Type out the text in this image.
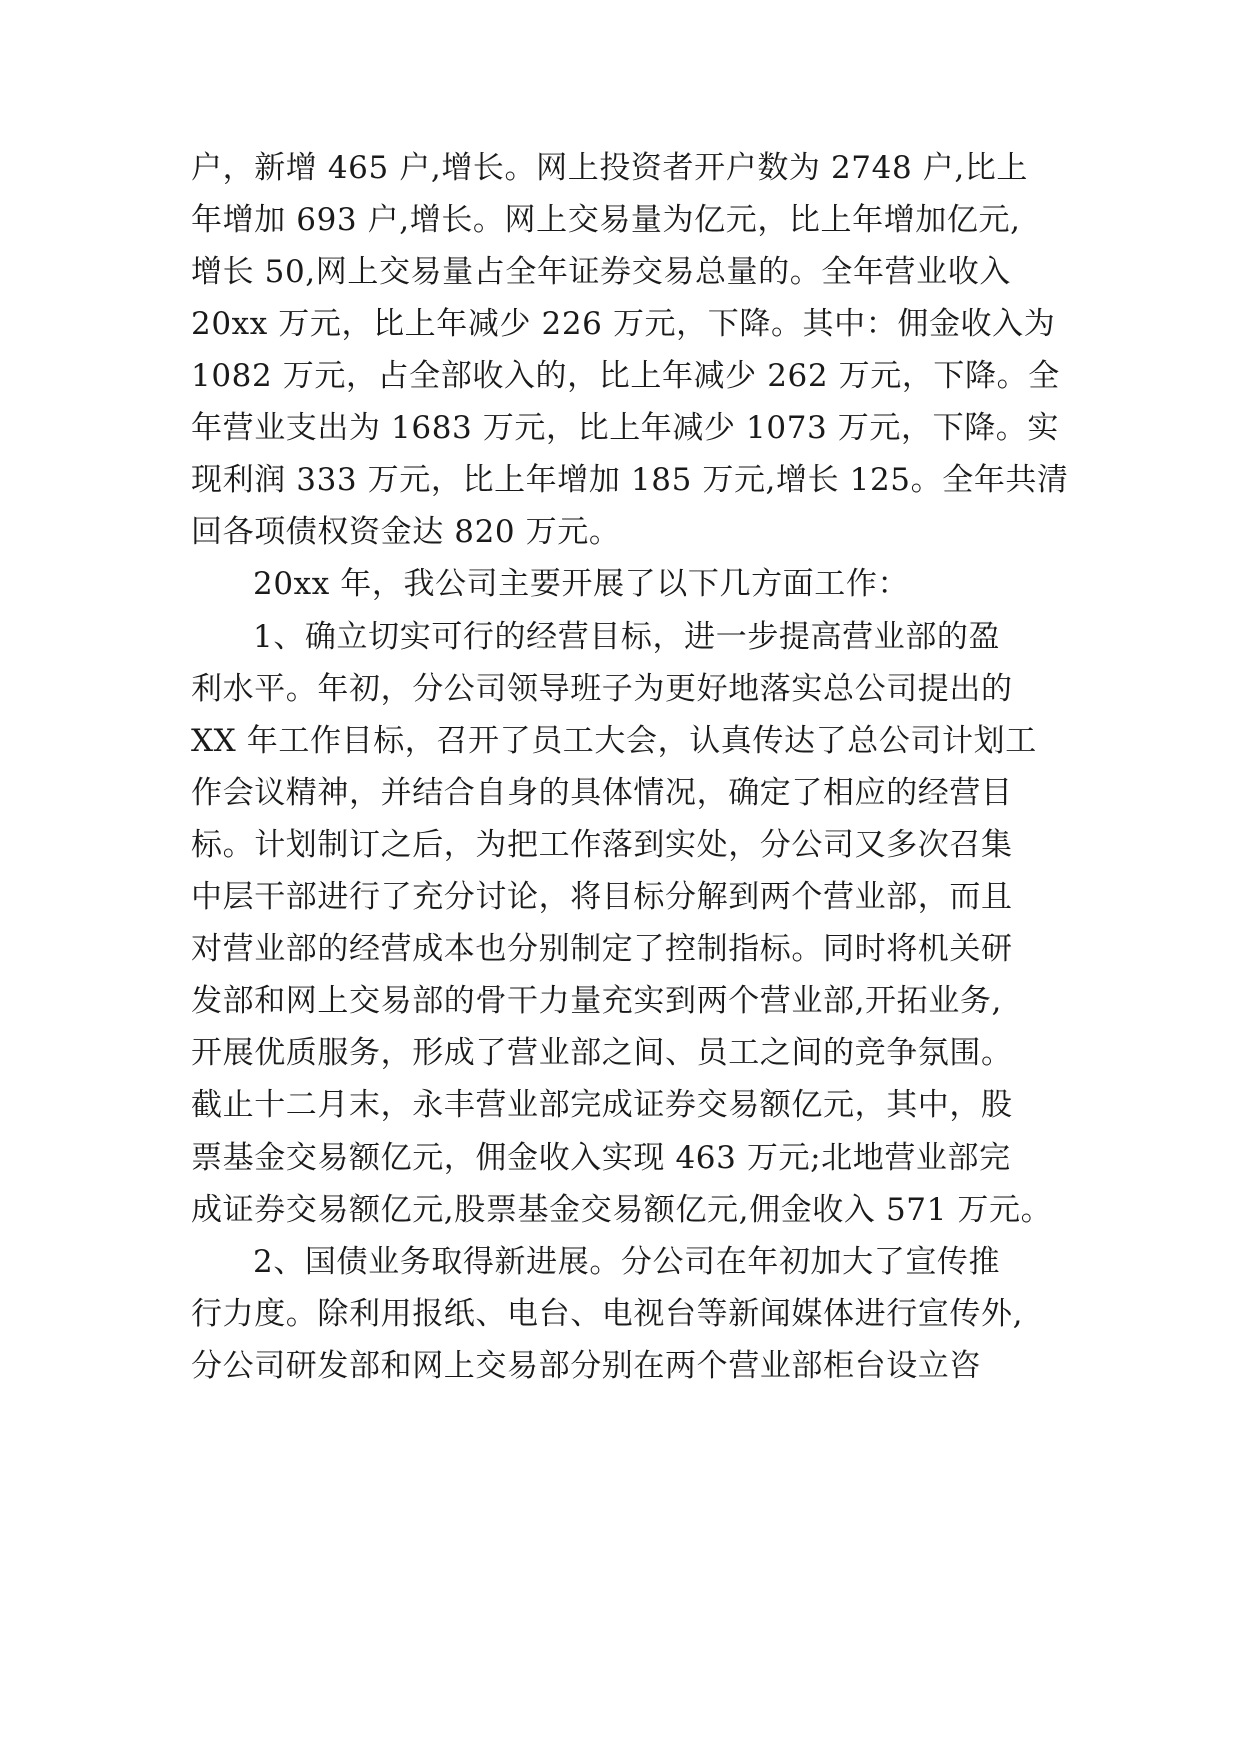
户，新增 465 户,增长。网上投资者开户数为 2748 户,比上
年增加 693 户,增长。网上交易量为亿元，比上年增加亿元,
增长 50,网上交易量占全年证券交易总量的。全年营业收入
20xx 万元，比上年减少 226 万元，下降。其中：佣金收入为
1082 万元，占全部收入的，比上年减少 262 万元，下降。全
年营业支出为 1683 万元，比上年减少 1073 万元，下降。实
现利润 333 万元，比上年增加 185 万元,增长 125。全年共清
回各项债权资金达 820 万元。
20xx 年，我公司主要开展了以下几方面工作：
1、确立切实可行的经营目标，进一步提高营业部的盈
利水平。年初，分公司领导班子为更好地落实总公司提出的
XX 年工作目标，召开了员工大会，认真传达了总公司计划工
作会议精神，并结合自身的具体情况，确定了相应的经营目
标。计划制订之后，为把工作落到实处，分公司又多次召集
中层干部进行了充分讨论，将目标分解到两个营业部，而且
对营业部的经营成本也分别制定了控制指标。同时将机关研
发部和网上交易部的骨干力量充实到两个营业部,开拓业务,
开展优质服务，形成了营业部之间、员工之间的竞争氛围。
截止十二月末，永丰营业部完成证券交易额亿元，其中，股
票基金交易额亿元，佣金收入实现 463 万元;北地营业部完
成证券交易额亿元,股票基金交易额亿元,佣金收入 571 万元。
2、国债业务取得新进展。分公司在年初加大了宣传推
行力度。除利用报纸、电台、电视台等新闻媒体进行宣传外,
分公司研发部和网上交易部分别在两个营业部柜台设立咨
